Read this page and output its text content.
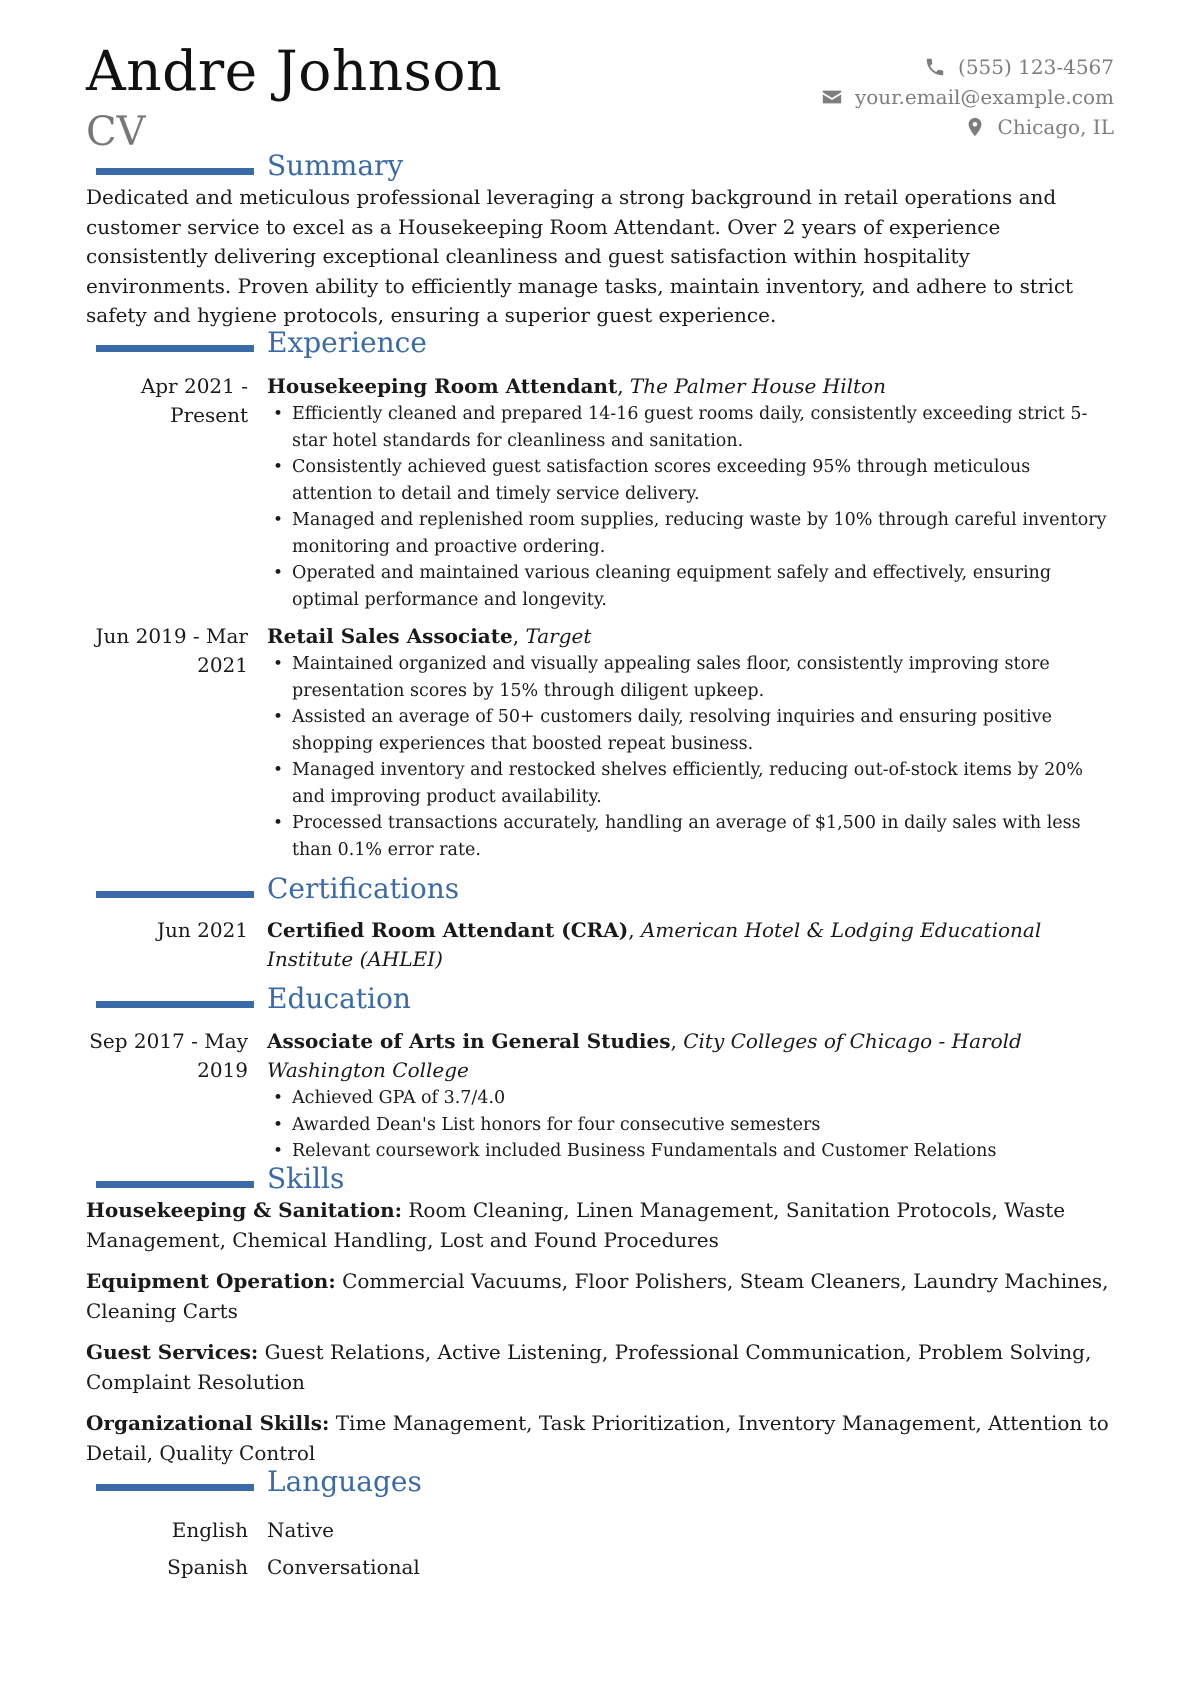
Andre Johnson
CV
(555) 123-4567
your.email@example.com
Chicago, IL
Summary
Dedicated and meticulous professional leveraging a strong background in retail operations and customer service to excel as a Housekeeping Room Attendant. Over 2 years of experience consistently delivering exceptional cleanliness and guest satisfaction within hospitality environments. Proven ability to efficiently manage tasks, maintain inventory, and adhere to strict safety and hygiene protocols, ensuring a superior guest experience.
Experience
Apr 2021 - Present
Housekeeping Room Attendant, The Palmer House Hilton
• Efficiently cleaned and prepared 14-16 guest rooms daily, consistently exceeding strict 5-star hotel standards for cleanliness and sanitation.
• Consistently achieved guest satisfaction scores exceeding 95% through meticulous attention to detail and timely service delivery.
• Managed and replenished room supplies, reducing waste by 10% through careful inventory monitoring and proactive ordering.
• Operated and maintained various cleaning equipment safely and effectively, ensuring optimal performance and longevity.
Jun 2019 - Mar 2021
Retail Sales Associate, Target
• Maintained organized and visually appealing sales floor, consistently improving store presentation scores by 15% through diligent upkeep.
• Assisted an average of 50+ customers daily, resolving inquiries and ensuring positive shopping experiences that boosted repeat business.
• Managed inventory and restocked shelves efficiently, reducing out-of-stock items by 20% and improving product availability.
• Processed transactions accurately, handling an average of $1,500 in daily sales with less than 0.1% error rate.
Certifications
Jun 2021 Certified Room Attendant (CRA), American Hotel & Lodging Educational Institute (AHLEI)
Education
Sep 2017 - May 2019
Associate of Arts in General Studies, City Colleges of Chicago - Harold Washington College
• Achieved GPA of 3.7/4.0
• Awarded Dean's List honors for four consecutive semesters
• Relevant coursework included Business Fundamentals and Customer Relations
Skills
Housekeeping & Sanitation: Room Cleaning, Linen Management, Sanitation Protocols, Waste Management, Chemical Handling, Lost and Found Procedures
Equipment Operation: Commercial Vacuums, Floor Polishers, Steam Cleaners, Laundry Machines, Cleaning Carts
Guest Services: Guest Relations, Active Listening, Professional Communication, Problem Solving, Complaint Resolution
Organizational Skills: Time Management, Task Prioritization, Inventory Management, Attention to Detail, Quality Control
Languages
English Native
Spanish Conversational
